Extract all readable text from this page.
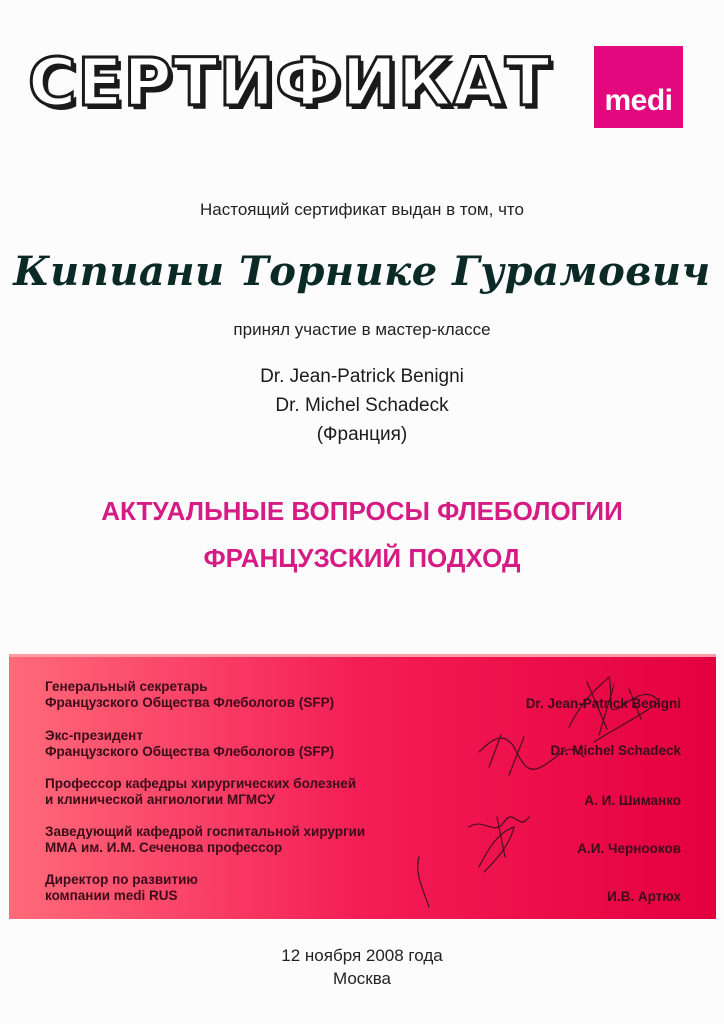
СЕРТИФИКАТ	medi
Настоящий сертификат выдан в том, что
Кипиани Торнике Гурамович
принял участие в мастер-классе
Dr. Jean-Patrick Benigni
Dr. Michel Schadeck
(Франция)
АКТУАЛЬНЫЕ ВОПРОСЫ ФЛЕБОЛОГИИ
ФРАНЦУЗСКИЙ ПОДХОД
Генеральный секретарь
Французского Общества Флебологов (SFP)	Dr. Jean-Patrick Benigni
Экс-президент
Французского Общества Флебологов (SFP)	Dr. Michel Schadeck
Профессор кафедры хирургических болезней
и клинической ангиологии МГМСУ	А. И. Шиманко
Заведующий кафедрой госпитальной хирургии
ММА им. И.М. Сеченова профессор	А.И. Чернооков
Директор по развитию
компании medi RUS	И.В. Артюх
12 ноября 2008 года
Москва
